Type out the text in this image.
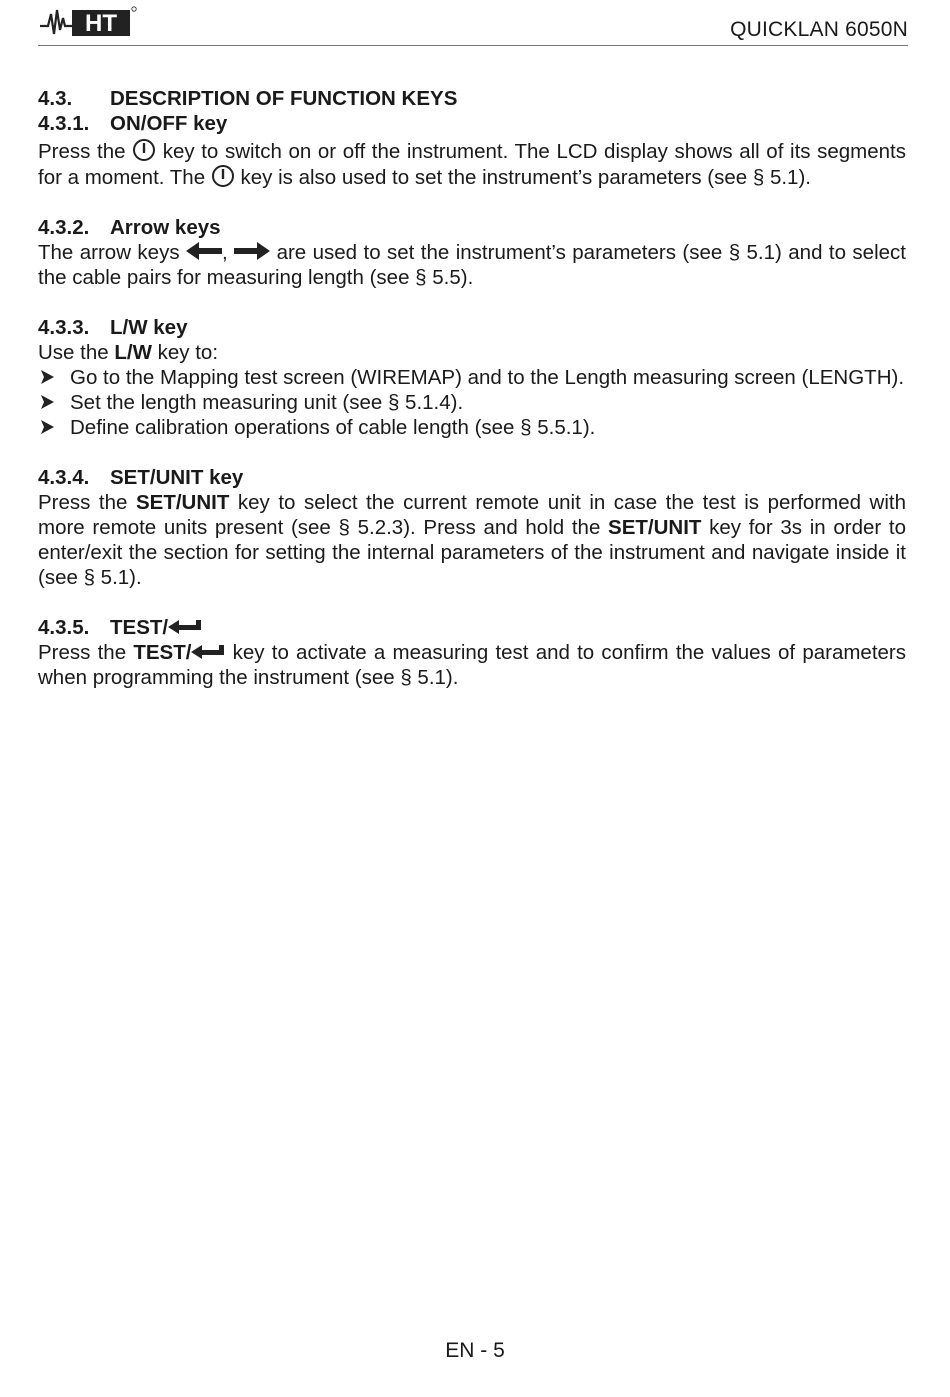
HT	QUICKLAN 6050N
4.3. DESCRIPTION OF FUNCTION KEYS
4.3.1. ON/OFF key

Press the  key to switch on or off the instrument. The LCD display shows all of its segments for a moment. The  key is also used to set the instrument’s parameters (see § 5.1).

4.3.2. Arrow keys

The arrow keys ,  are used to set the instrument’s parameters (see § 5.1) and to select the cable pairs for measuring length (see § 5.5).

4.3.3. L/W key

Use the L/W key to:

Go to the Mapping test screen (WIREMAP) and to the Length measuring screen (LENGTH).
Set the length measuring unit (see § 5.1.4).
Define calibration operations of cable length (see § 5.5.1).
4.3.4. SET/UNIT key

Press the SET/UNIT key to select the current remote unit in case the test is performed with more remote units present (see § 5.2.3). Press and hold the SET/UNIT key for 3s in order to enter/exit the section for setting the internal parameters of the instrument and navigate inside it (see § 5.1).

4.3.5. TEST/

Press the TEST/ key to activate a measuring test and to confirm the values of parameters when programming the instrument (see § 5.1).

EN - 5
